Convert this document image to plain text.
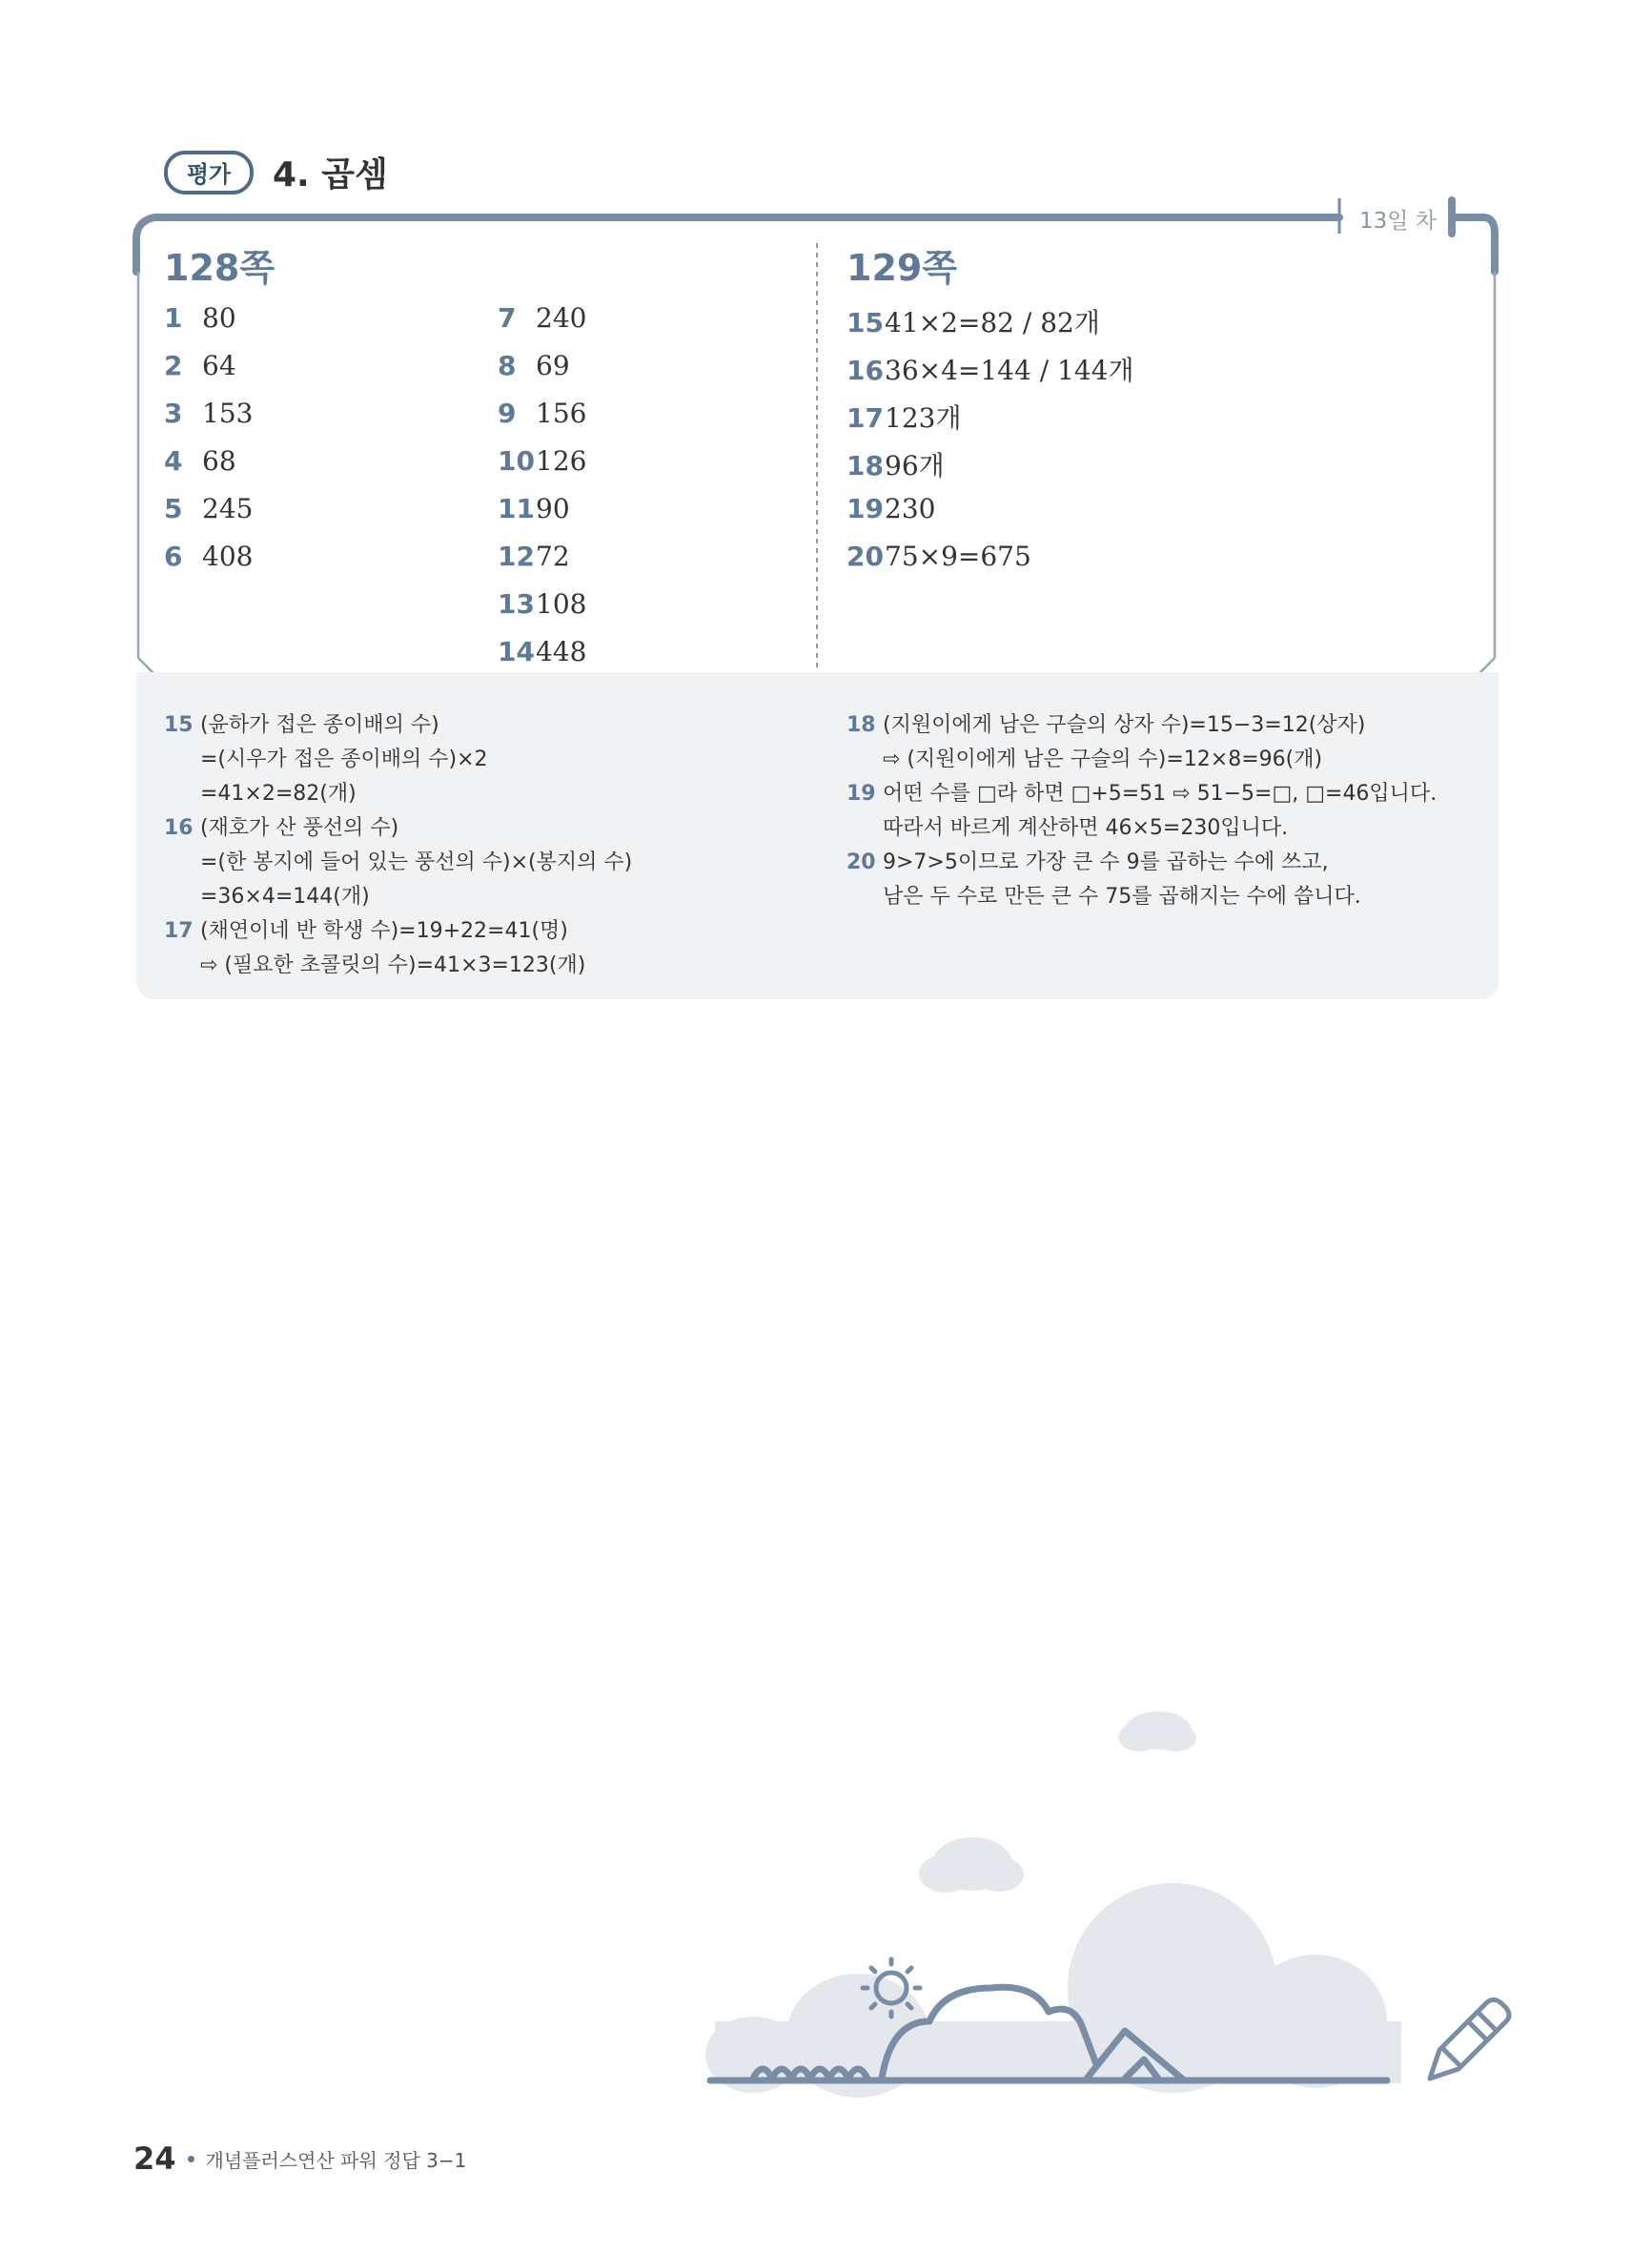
평가	4. 곱셈
13일 차
128쪽
1 80
2 64
3 153
4 68
5 245
6 408
7 240
8 69
9 156
10126
1190
1272
13108
14448
129쪽
1541×2=82 / 82개
1636×4=144 / 144개
17123개
1896개
19230
2075×9=675
15 (윤하가 접은 종이배의 수)
=(시우가 접은 종이배의 수)×2
=41×2=82(개)
16 (재호가 산 풍선의 수)
=(한 봉지에 들어 있는 풍선의 수)×(봉지의 수)
=36×4=144(개)
17 (채연이네 반 학생 수)=19+22=41(명)
⇨ (필요한 초콜릿의 수)=41×3=123(개)
18 (지원이에게 남은 구슬의 상자 수)=15−3=12(상자)
⇨ (지원이에게 남은 구슬의 수)=12×8=96(개)
19 어떤 수를 □라 하면 □+5=51 ⇨ 51−5=□, □=46입니다.
따라서 바르게 계산하면 46×5=230입니다.
20 9>7>5이므로 가장 큰 수 9를 곱하는 수에 쓰고,
남은 두 수로 만든 큰 수 75를 곱해지는 수에 씁니다.
24 개념플러스연산 파워 정답 3−1
